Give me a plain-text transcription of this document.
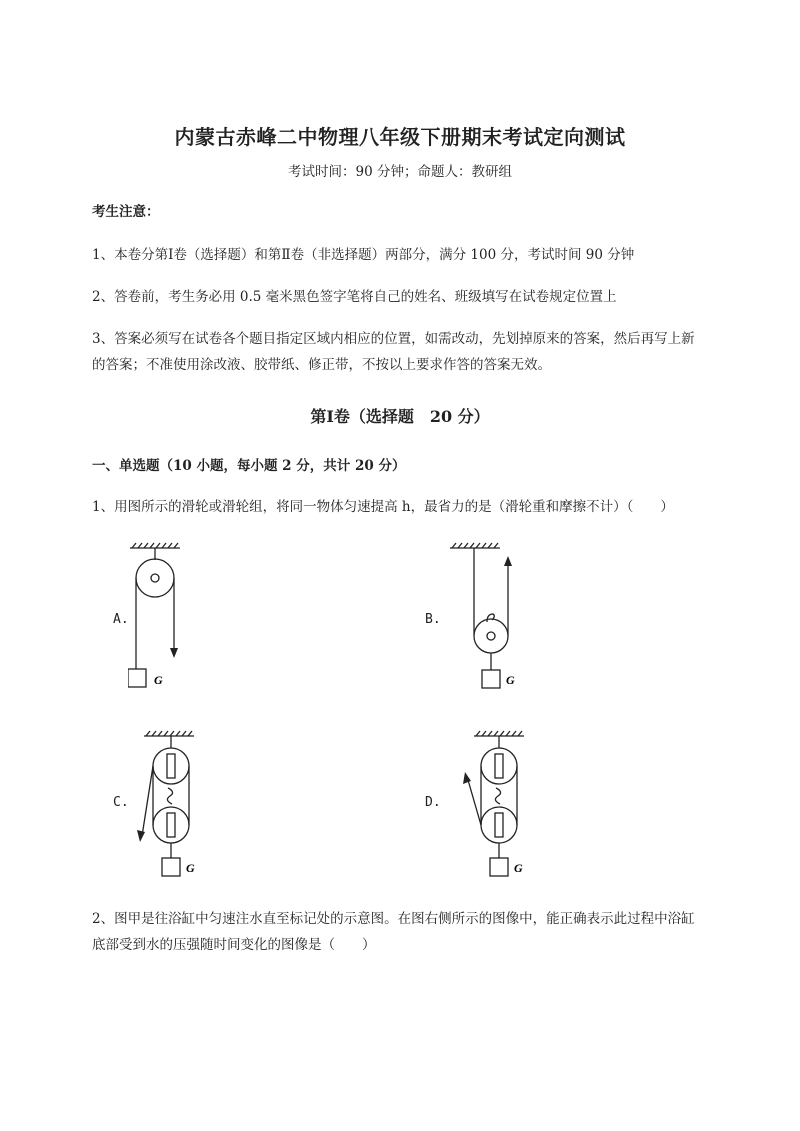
内蒙古赤峰二中物理八年级下册期末考试定向测试
考试时间：90 分钟；命题人：教研组
考生注意：
1、本卷分第Ⅰ卷（选择题）和第Ⅱ卷（非选择题）两部分，满分 100 分，考试时间 90 分钟
2、答卷前，考生务必用 0.5 毫米黑色签字笔将自己的姓名、班级填写在试卷规定位置上
3、答案必须写在试卷各个题目指定区域内相应的位置，如需改动，先划掉原来的答案，然后再写上新
的答案；不准使用涂改液、胶带纸、修正带，不按以上要求作答的答案无效。
第Ⅰ卷（选择题　20 分）
一、单选题（10 小题，每小题 2 分，共计 20 分）
1、用图所示的滑轮或滑轮组，将同一物体匀速提高 h，最省力的是（滑轮重和摩擦不计）（　　）
A.	B.
C.	D.
G	G
G	G
2、图甲是往浴缸中匀速注水直至标记处的示意图。在图右侧所示的图像中，能正确表示此过程中浴缸
底部受到水的压强随时间变化的图像是（　　）
